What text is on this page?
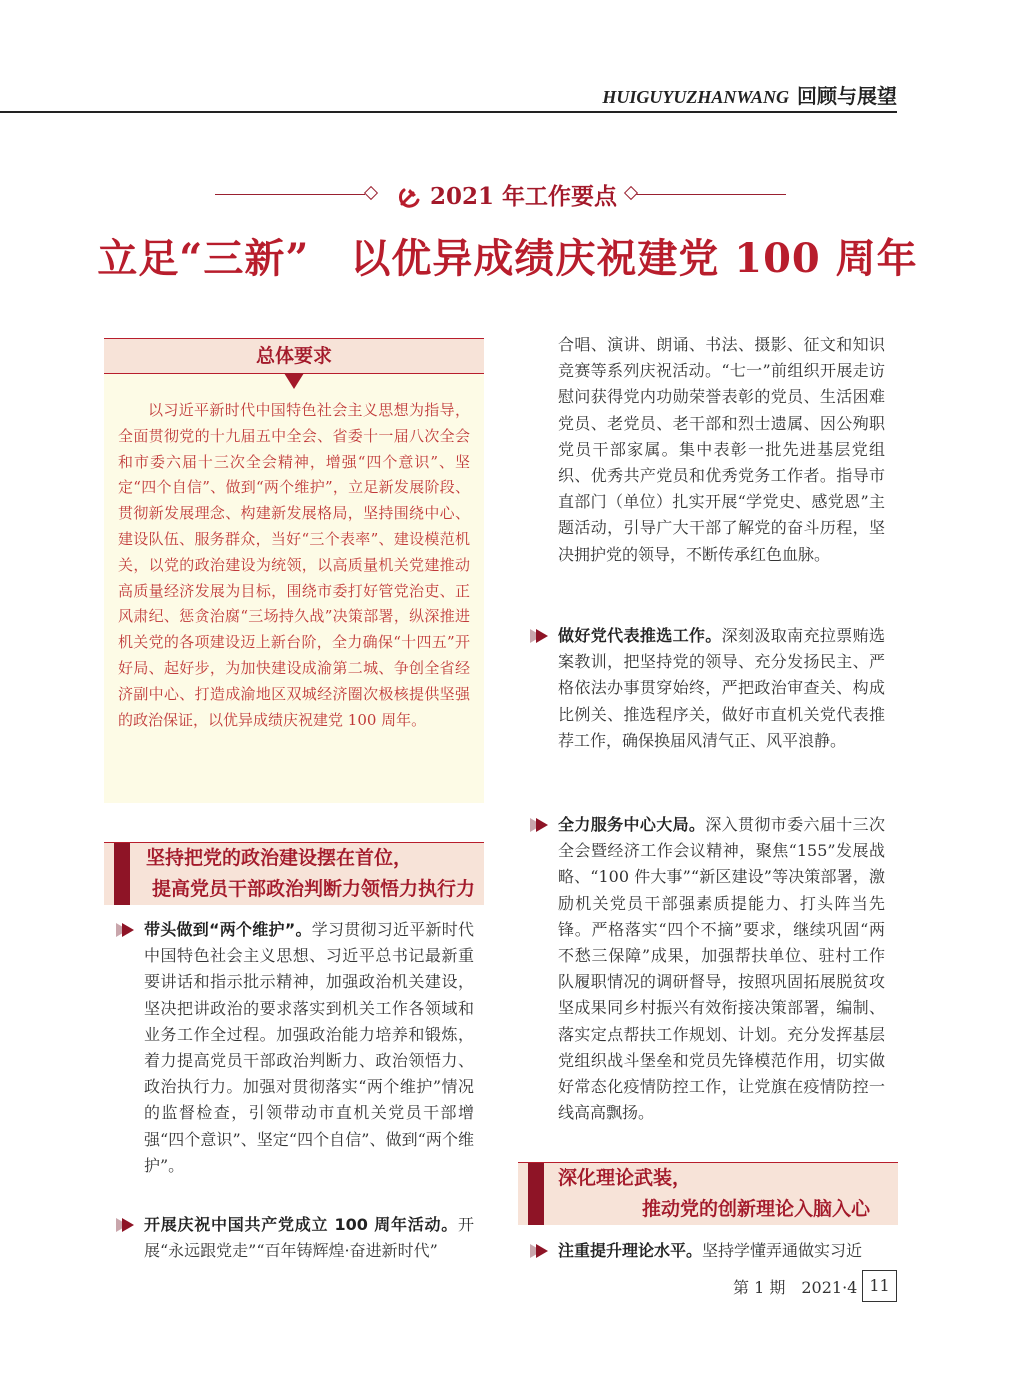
HUIGUYUZHANWANG 回顾与展望
2021 年工作要点
立足“三新”　以优异成绩庆祝建党 100 周年
总体要求
以习近平新时代中国特色社会主义思想为指导，全面贯彻党的十九届五中全会、省委十一届八次全会和市委六届十三次全会精神，增强“四个意识”、坚定“四个自信”、做到“两个维护”，立足新发展阶段、贯彻新发展理念、构建新发展格局，坚持围绕中心、建设队伍、服务群众，当好“三个表率”、建设模范机关，以党的政治建设为统领，以高质量机关党建推动高质量经济发展为目标，围绕市委打好管党治吏、正风肃纪、惩贪治腐“三场持久战”决策部署，纵深推进机关党的各项建设迈上新台阶，全力确保“十四五”开好局、起好步，为加快建设成渝第二城、争创全省经济副中心、打造成渝地区双城经济圈次极核提供坚强的政治保证，以优异成绩庆祝建党 100 周年。
坚持把党的政治建设摆在首位，
提高党员干部政治判断力领悟力执行力
带头做到“两个维护”。学习贯彻习近平新时代中国特色社会主义思想、习近平总书记最新重要讲话和指示批示精神，加强政治机关建设，坚决把讲政治的要求落实到机关工作各领域和业务工作全过程。加强政治能力培养和锻炼，着力提高党员干部政治判断力、政治领悟力、政治执行力。加强对贯彻落实“两个维护”情况的监督检查，引领带动市直机关党员干部增强“四个意识”、坚定“四个自信”、做到“两个维护”。
开展庆祝中国共产党成立 100 周年活动。开展“永远跟党走”“百年铸辉煌·奋进新时代”
合唱、演讲、朗诵、书法、摄影、征文和知识竞赛等系列庆祝活动。“七一”前组织开展走访慰问获得党内功勋荣誉表彰的党员、生活困难党员、老党员、老干部和烈士遗属、因公殉职党员干部家属。集中表彰一批先进基层党组织、优秀共产党员和优秀党务工作者。指导市直部门（单位）扎实开展“学党史、感党恩”主题活动，引导广大干部了解党的奋斗历程，坚决拥护党的领导，不断传承红色血脉。
做好党代表推选工作。深刻汲取南充拉票贿选案教训，把坚持党的领导、充分发扬民主、严格依法办事贯穿始终，严把政治审查关、构成比例关、推选程序关，做好市直机关党代表推荐工作，确保换届风清气正、风平浪静。
全力服务中心大局。深入贯彻市委六届十三次全会暨经济工作会议精神，聚焦“155”发展战略、“100 件大事”“新区建设”等决策部署，激励机关党员干部强素质提能力、打头阵当先锋。严格落实“四个不摘”要求，继续巩固“两不愁三保障”成果，加强帮扶单位、驻村工作队履职情况的调研督导，按照巩固拓展脱贫攻坚成果同乡村振兴有效衔接决策部署，编制、落实定点帮扶工作规划、计划。充分发挥基层党组织战斗堡垒和党员先锋模范作用，切实做好常态化疫情防控工作，让党旗在疫情防控一线高高飘扬。
深化理论武装，
推动党的创新理论入脑入心
注重提升理论水平。坚持学懂弄通做实习近
第 1 期　2021·4 11
